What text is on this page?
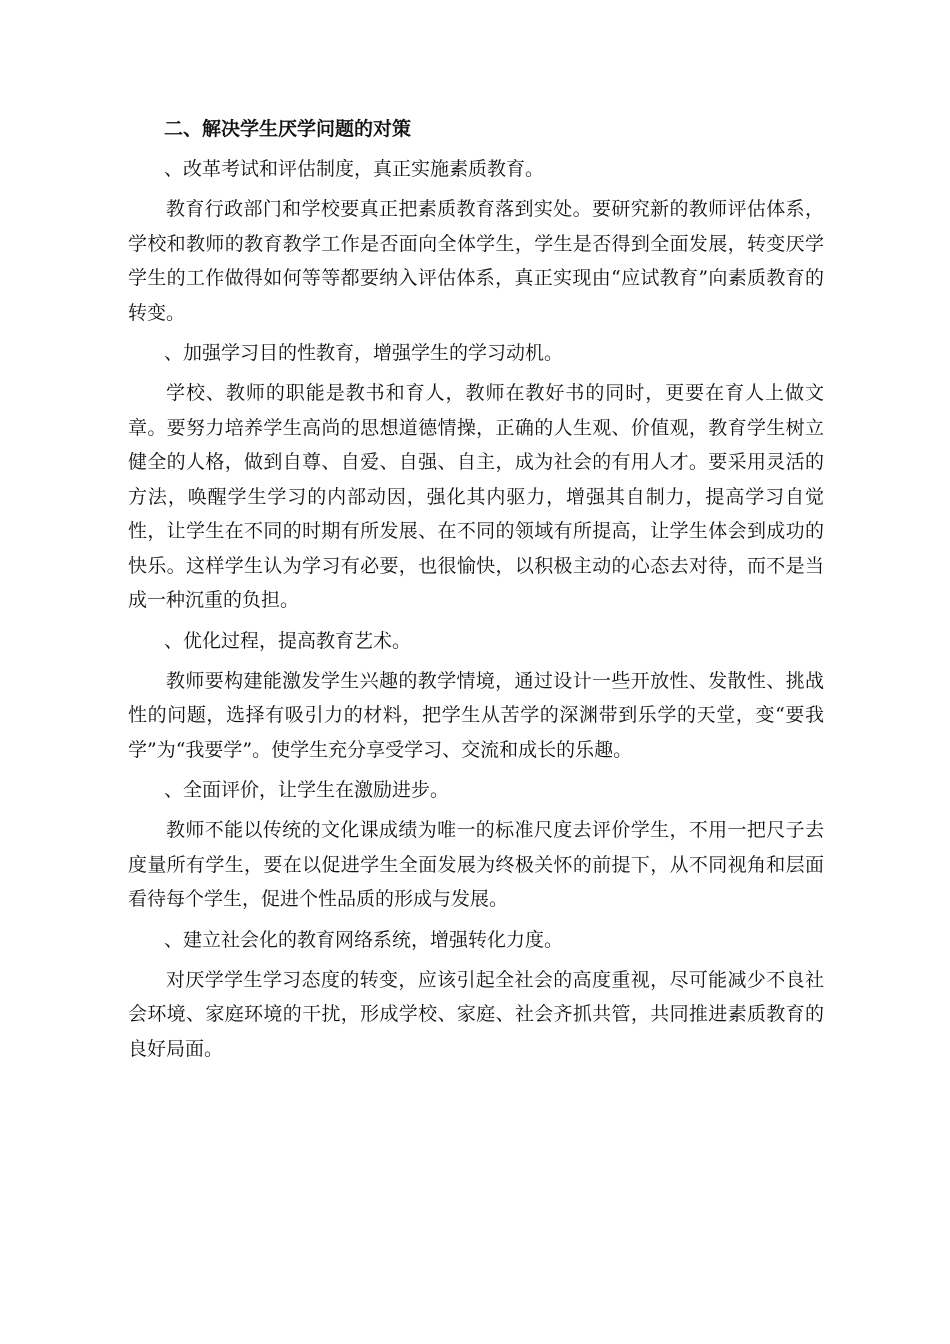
二、解决学生厌学问题的对策
、改革考试和评估制度，真正实施素质教育。

教育行政部门和学校要真正把素质教育落到实处。要研究新的教师评估体系，学校和教师的教育教学工作是否面向全体学生，学生是否得到全面发展，转变厌学学生的工作做得如何等等都要纳入评估体系，真正实现由“应试教育”向素质教育的转变。

、加强学习目的性教育，增强学生的学习动机。

学校、教师的职能是教书和育人，教师在教好书的同时，更要在育人上做文章。要努力培养学生高尚的思想道德情操，正确的人生观、价值观，教育学生树立健全的人格，做到自尊、自爱、自强、自主，成为社会的有用人才。要采用灵活的方法，唤醒学生学习的内部动因，强化其内驱力，增强其自制力，提高学习自觉性，让学生在不同的时期有所发展、在不同的领域有所提高，让学生体会到成功的快乐。这样学生认为学习有必要，也很愉快，以积极主动的心态去对待，而不是当成一种沉重的负担。

、优化过程，提高教育艺术。

教师要构建能激发学生兴趣的教学情境，通过设计一些开放性、发散性、挑战性的问题，选择有吸引力的材料，把学生从苦学的深渊带到乐学的天堂，变“要我学”为“我要学”。使学生充分享受学习、交流和成长的乐趣。

、全面评价，让学生在激励进步。

教师不能以传统的文化课成绩为唯一的标准尺度去评价学生，不用一把尺子去度量所有学生，要在以促进学生全面发展为终极关怀的前提下，从不同视角和层面看待每个学生，促进个性品质的形成与发展。

、建立社会化的教育网络系统，增强转化力度。

对厌学学生学习态度的转变，应该引起全社会的高度重视，尽可能减少不良社会环境、家庭环境的干扰，形成学校、家庭、社会齐抓共管，共同推进素质教育的良好局面。
